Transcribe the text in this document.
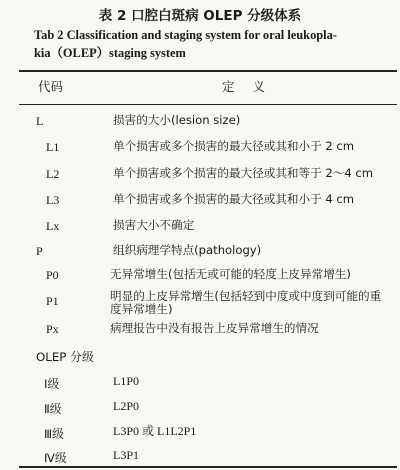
表 2 口腔白斑病 OLEP 分级体系
Tab 2 Classification and staging system for oral leukopla-
kia（OLEP）staging system
代码	定义
L	损害的大小(lesion size)
L1	单个损害或多个损害的最大径或其和小于 2 cm
L2	单个损害或多个损害的最大径或其和等于 2～4 cm
L3	单个损害或多个损害的最大径或其和小于 4 cm
Lx	损害大小不确定
P	组织病理学特点(pathology)
P0	无异常增生(包括无或可能的轻度上皮异常增生)
P1	明显的上皮异常增生(包括轻到中度或中度到可能的重度异常增生)
Px	病理报告中没有报告上皮异常增生的情况
OLEP 分级
Ⅰ级	L1P0
Ⅱ级	L2P0
Ⅲ级	L3P0 或 L1L2P1
Ⅳ级	L3P1
